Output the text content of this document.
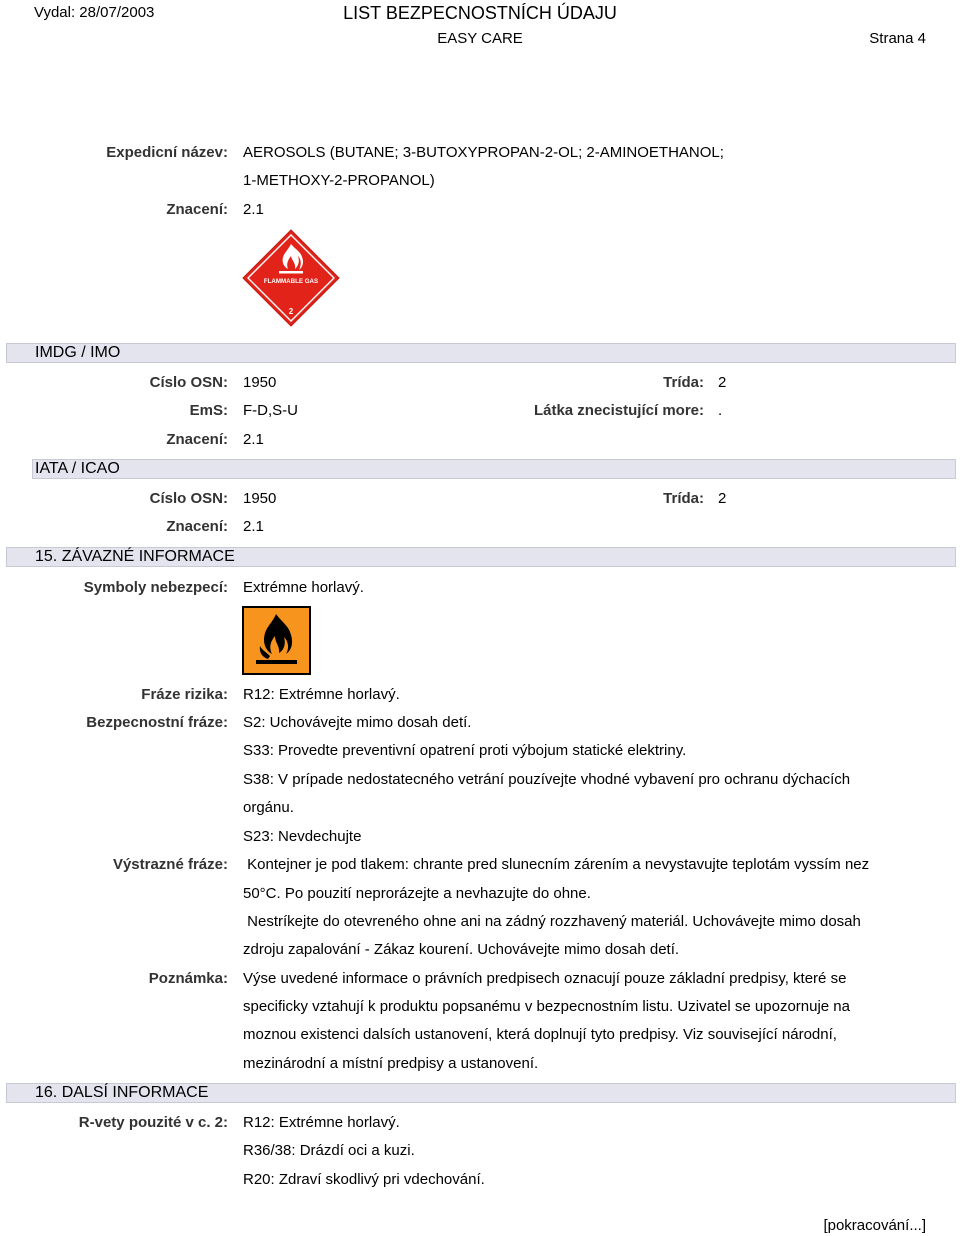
Vydal: 28/07/2003	LIST BEZPECNOSTNÍCH ÚDAJU
EASY CARE	Strana 4
Expedicní název: AEROSOLS (BUTANE; 3-BUTOXYPROPAN-2-OL; 2-AMINOETHANOL;
1-METHOXY-2-PROPANOL)
Znacení: 2.1
FLAMMABLE GAS
2
IMDG / IMO
Císlo OSN: 1950	Trída: 2
EmS: F-D,S-U	Látka znecistující more: .
Znacení: 2.1
IATA / ICAO
Císlo OSN: 1950	Trída: 2
Znacení: 2.1
15. ZÁVAZNÉ INFORMACE
Symboly nebezpecí: Extrémne horlavý.
Fráze rizika: R12: Extrémne horlavý.
Bezpecnostní fráze: S2: Uchovávejte mimo dosah detí.
S33: Provedte preventivní opatrení proti výbojum statické elektriny.
S38: V prípade nedostatecného vetrání pouzívejte vhodné vybavení pro ochranu dýchacích
orgánu.
S23: Nevdechujte
Výstrazné fráze: Kontejner je pod tlakem: chrante pred slunecním zárením a nevystavujte teplotám vyssím nez
50°C. Po pouzití neprorázejte a nevhazujte do ohne.
Nestríkejte do otevreného ohne ani na zádný rozzhavený materiál. Uchovávejte mimo dosah
zdroju zapalování - Zákaz kourení. Uchovávejte mimo dosah detí.
Poznámka: Výse uvedené informace o právních predpisech oznacují pouze základní predpisy, které se
specificky vztahují k produktu popsanému v bezpecnostním listu. Uzivatel se upozornuje na
moznou existenci dalsích ustanovení, která doplnují tyto predpisy. Viz související národní,
mezinárodní a místní predpisy a ustanovení.
16. DALSÍ INFORMACE
R-vety pouzité v c. 2: R12: Extrémne horlavý.
R36/38: Drázdí oci a kuzi.
R20: Zdraví skodlivý pri vdechování.
[pokracování...]
